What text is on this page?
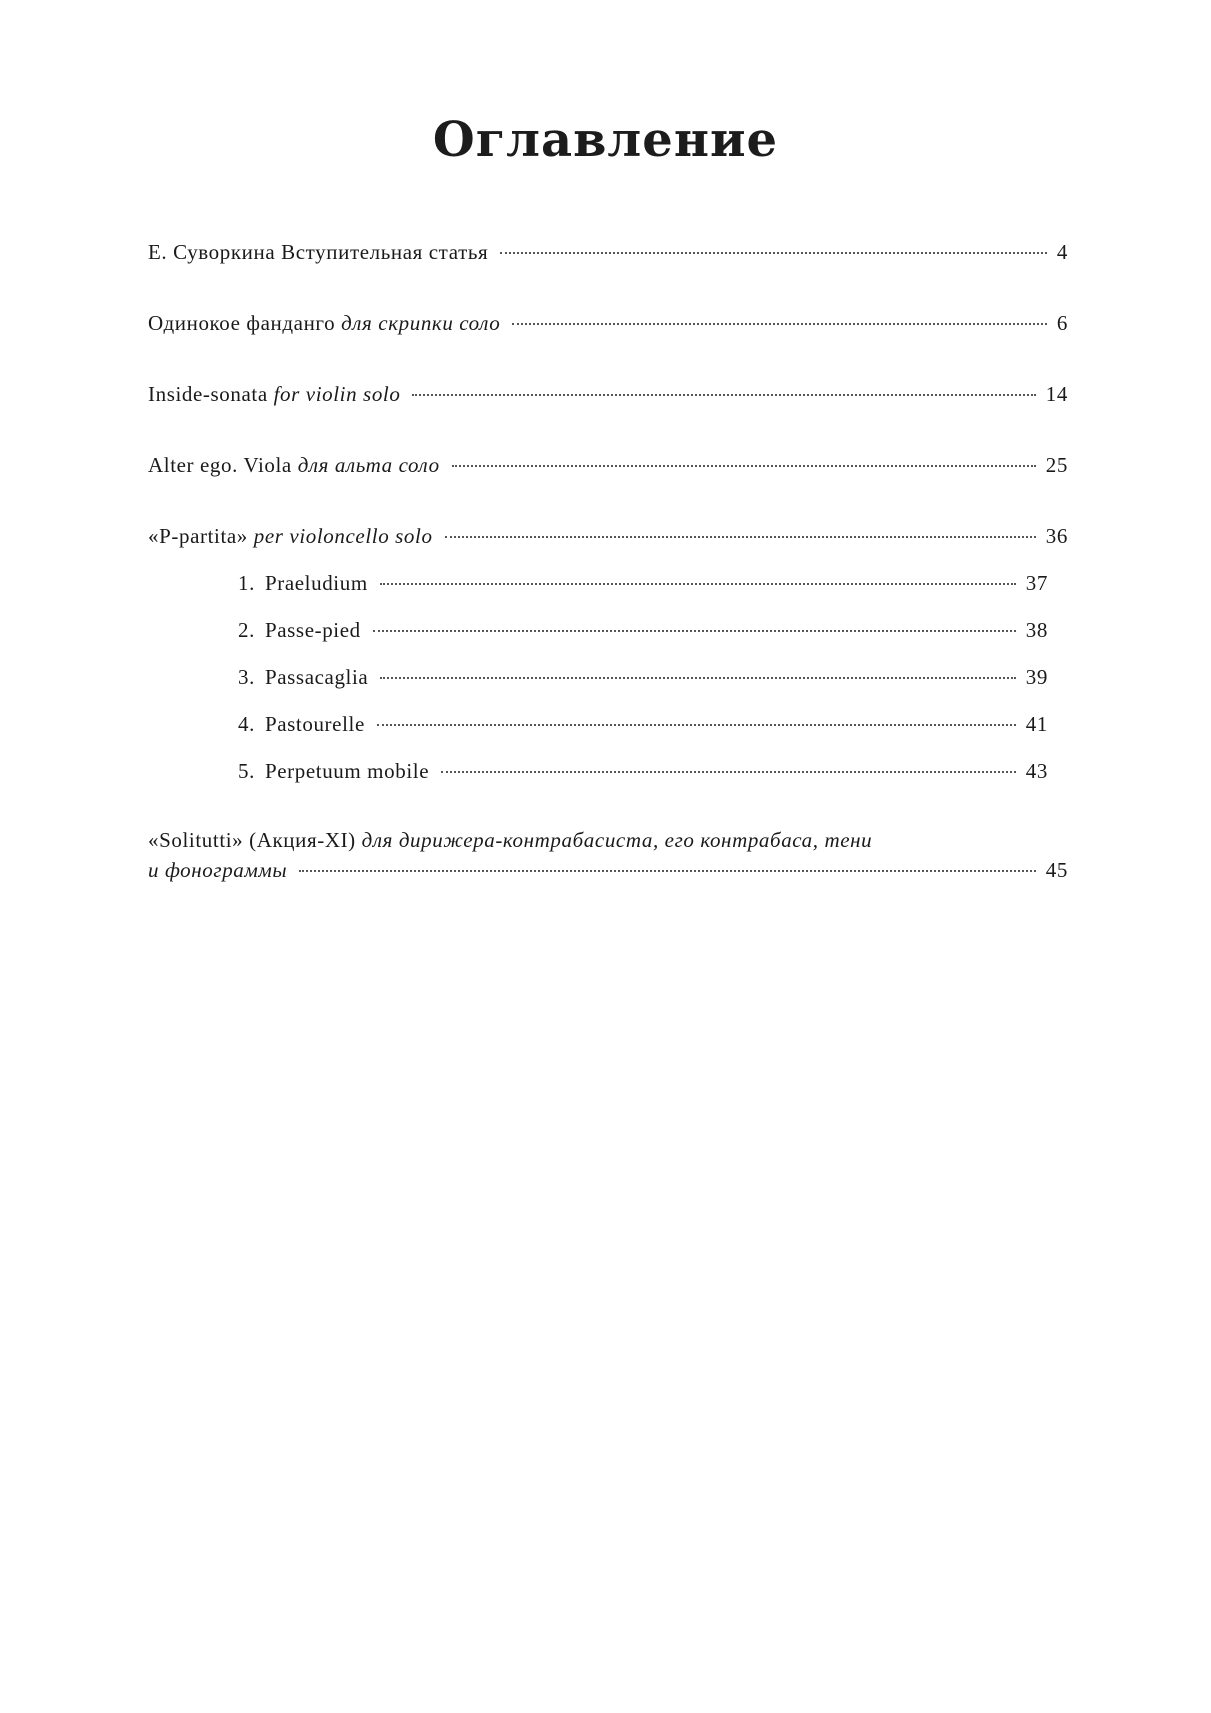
Оглавление
Е. Суворкина Вступительная статья	4
Одинокое фанданго для скрипки соло	6
Inside-sonata for violin solo	14
Alter ego. Viola для альта соло	25
«P-partita» per violoncello solo	36
1. Praeludium	37
2. Passe-pied	38
3. Passacaglia	39
4. Pastourelle	41
5. Perpetuum mobile	43
«Solitutti» (Акция-XI) для дирижера-контрабасиста, его контрабаса, тени
и фонограммы	45
